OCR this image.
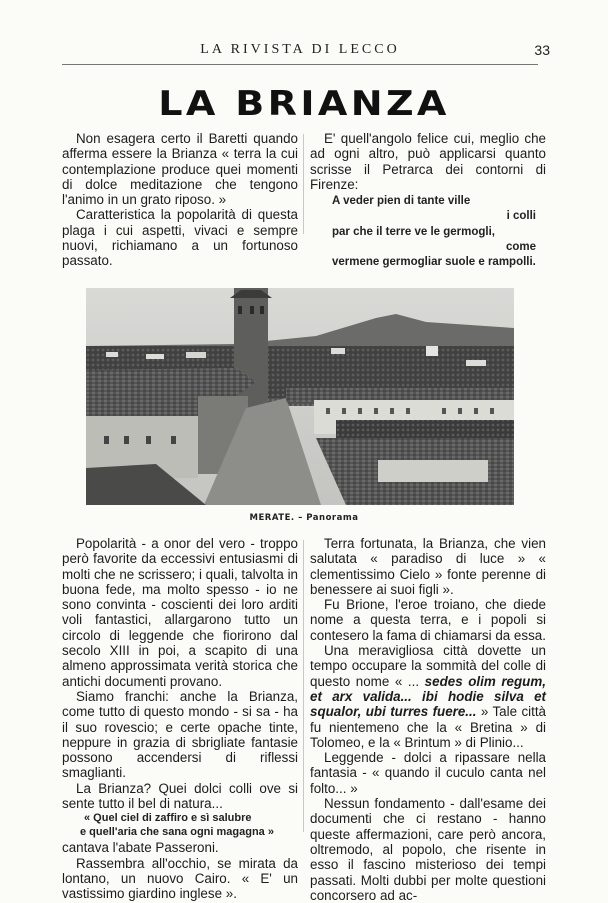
LA RIVISTA DI LECCO	33
LA BRIANZA

Non esagera certo il Baretti quando afferma essere la Brianza « terra la cui contemplazione produce quei momenti di dolce meditazione che tengono l'animo in un grato riposo. »

Caratteristica la popolarità di questa plaga i cui aspetti, vivaci e sempre nuovi, richiamano a un fortunoso passato.

E' quell'angolo felice cui, meglio che ad ogni altro, può applicarsi quanto scrisse il Petrarca dei contorni di Firenze:

A veder pien di tante ville
i colli
par che il terre ve le germogli,
come
vermene germogliar suole e rampolli.
MERATE. – Panorama

Popolarità - a onor del vero - troppo però favorite da eccessivi entusiasmi di molti che ne scrissero; i quali, talvolta in buona fede, ma molto spesso - io ne sono convinta - coscienti dei loro arditi voli fantastici, allargarono tutto un circolo di leggende che fiorirono dal secolo XIII in poi, a scapito di una almeno approssimata verità storica che antichi documenti provano.

Siamo franchi: anche la Brianza, come tutto di questo mondo - si sa - ha il suo rovescio; e certe opache tinte, neppure in grazia di sbrigliate fantasie possono accendersi di riflessi smaglianti.

La Brianza? Quei dolci colli ove si sente tutto il bel di natura...

« Quel ciel di zaffiro e sì salubre
e quell'aria che sana ogni magagna »

cantava l'abate Passeroni.

Rassembra all'occhio, se mirata da lontano, un nuovo Cairo. « E' un vastissimo giardino inglese ».

Terra fortunata, la Brianza, che vien salutata « paradiso di luce » « clementissimo Cielo » fonte perenne di benessere ai suoi figli ».

Fu Brione, l'eroe troiano, che diede nome a questa terra, e i popoli si contesero la fama di chiamarsi da essa.

Una meravigliosa città dovette un tempo occupare la sommità del colle di questo nome « ... sedes olim regum, et arx valida... ibi hodie silva et squalor, ubi turres fuere... » Tale città fu nientemeno che la « Bretina » di Tolomeo, e la « Brintum » di Plinio...

Leggende - dolci a ripassare nella fantasia - « quando il cuculo canta nel folto... »

Nessun fondamento - dall'esame dei documenti che ci restano - hanno queste affermazioni, care però ancora, oltremodo, al popolo, che risente in esso il fascino misterioso dei tempi passati. Molti dubbi per molte questioni concorsero ad ac-
